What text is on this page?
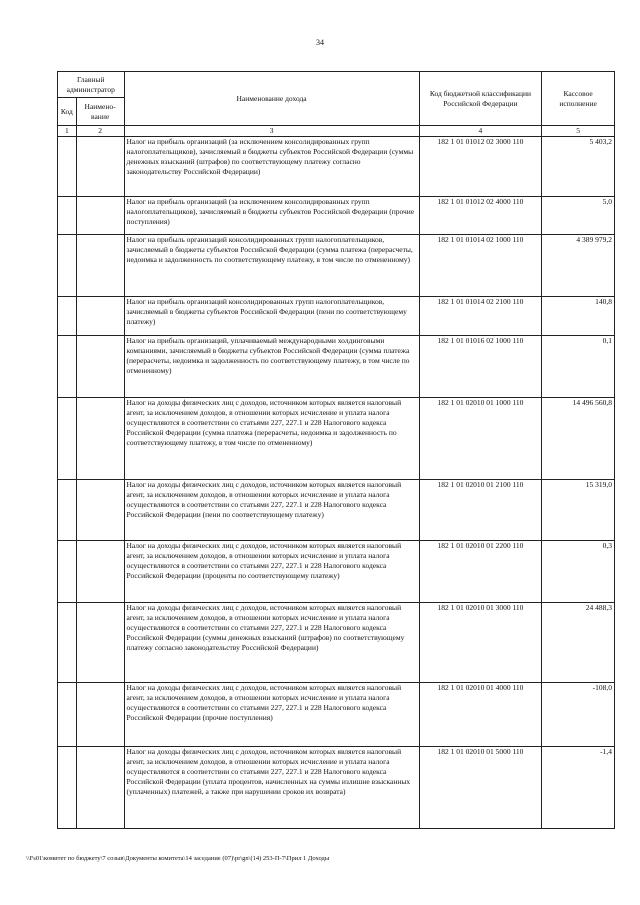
34
Главный администратор		Наименование дохода	Код бюджетной классификации Российской Федерации	Кассовое исполнение
Код	Наимено-вание			
1	2	3	4	5
		Налог на прибыль организаций (за исключением консолидированных групп налогоплательщиков), зачисляемый в бюджеты субъектов Российской Федерации (суммы денежных взысканий (штрафов) по соответствующему платежу согласно законодательству Российской Федерации)	182 1 01 01012 02 3000 110	5 403,2
		Налог на прибыль организаций (за исключением консолидированных групп налогоплательщиков), зачисляемый в бюджеты субъектов Российской Федерации (прочие поступления)	182 1 01 01012 02 4000 110	5,0
		Налог на прибыль организаций консолидированных групп налогоплательщиков, зачисляемый в бюджеты субъектов Российской Федерации (сумма платежа (перерасчеты, недоимка и задолженность по соответствующему платежу, в том числе по отмененному)	182 1 01 01014 02 1000 110	4 389 979,2
		Налог на прибыль организаций консолидированных групп налогоплательщиков, зачисляемый в бюджеты субъектов Российской Федерации (пени по соответствующему платежу)	182 1 01 01014 02 2100 110	140,8
		Налог на прибыль организаций, уплачиваемый международными холдинговыми компаниями, зачисляемый в бюджеты субъектов Российской Федерации (сумма платежа (перерасчеты, недоимка и задолженность по соответствующему платежу, в том числе по отмененному)	182 1 01 01016 02 1000 110	0,1
		Налог на доходы физических лиц с доходов, источником которых является налоговый агент, за исключением доходов, в отношении которых исчисление и уплата налога осуществляются в соответствии со статьями 227, 227.1 и 228 Налогового кодекса Российской Федерации (сумма платежа (перерасчеты, недоимка и задолженность по соответствующему платежу, в том числе по отмененному)	182 1 01 02010 01 1000 110	14 496 560,8
		Налог на доходы физических лиц с доходов, источником которых является налоговый агент, за исключением доходов, в отношении которых исчисление и уплата налога осуществляются в соответствии со статьями 227, 227.1 и 228 Налогового кодекса Российской Федерации (пени по соответствующему платежу)	182 1 01 02010 01 2100 110	15 319,0
		Налог на доходы физических лиц с доходов, источником которых является налоговый агент, за исключением доходов, в отношении которых исчисление и уплата налога осуществляются в соответствии со статьями 227, 227.1 и 228 Налогового кодекса Российской Федерации (проценты по соответствующему платежу)	182 1 01 02010 01 2200 110	0,3
		Налог на доходы физических лиц с доходов, источником которых является налоговый агент, за исключением доходов, в отношении которых исчисление и уплата налога осуществляются в соответствии со статьями 227, 227.1 и 228 Налогового кодекса Российской Федерации (суммы денежных взысканий (штрафов) по соответствующему платежу согласно законодательству Российской Федерации)	182 1 01 02010 01 3000 110	24 488,3
		Налог на доходы физических лиц с доходов, источником которых является налоговый агент, за исключением доходов, в отношении которых исчисление и уплата налога осуществляются в соответствии со статьями 227, 227.1 и 228 Налогового кодекса Российской Федерации (прочие поступления)	182 1 01 02010 01 4000 110	-108,0
		Налог на доходы физических лиц с доходов, источником которых является налоговый агент, за исключением доходов, в отношении которых исчисление и уплата налога осуществляются в соответствии со статьями 227, 227.1 и 228 Налогового кодекса Российской Федерации (уплата процентов, начисленных на суммы излишне взысканных (уплаченных) платежей, а также при нарушении сроков их возврата)	182 1 01 02010 01 5000 110	-1,4
\\Fs01\комитет по бюджету\7 созыв\Документы комитета\14 заседание (07)\pr\gn\(14) 253-П-7\Прил 1 Доходы
